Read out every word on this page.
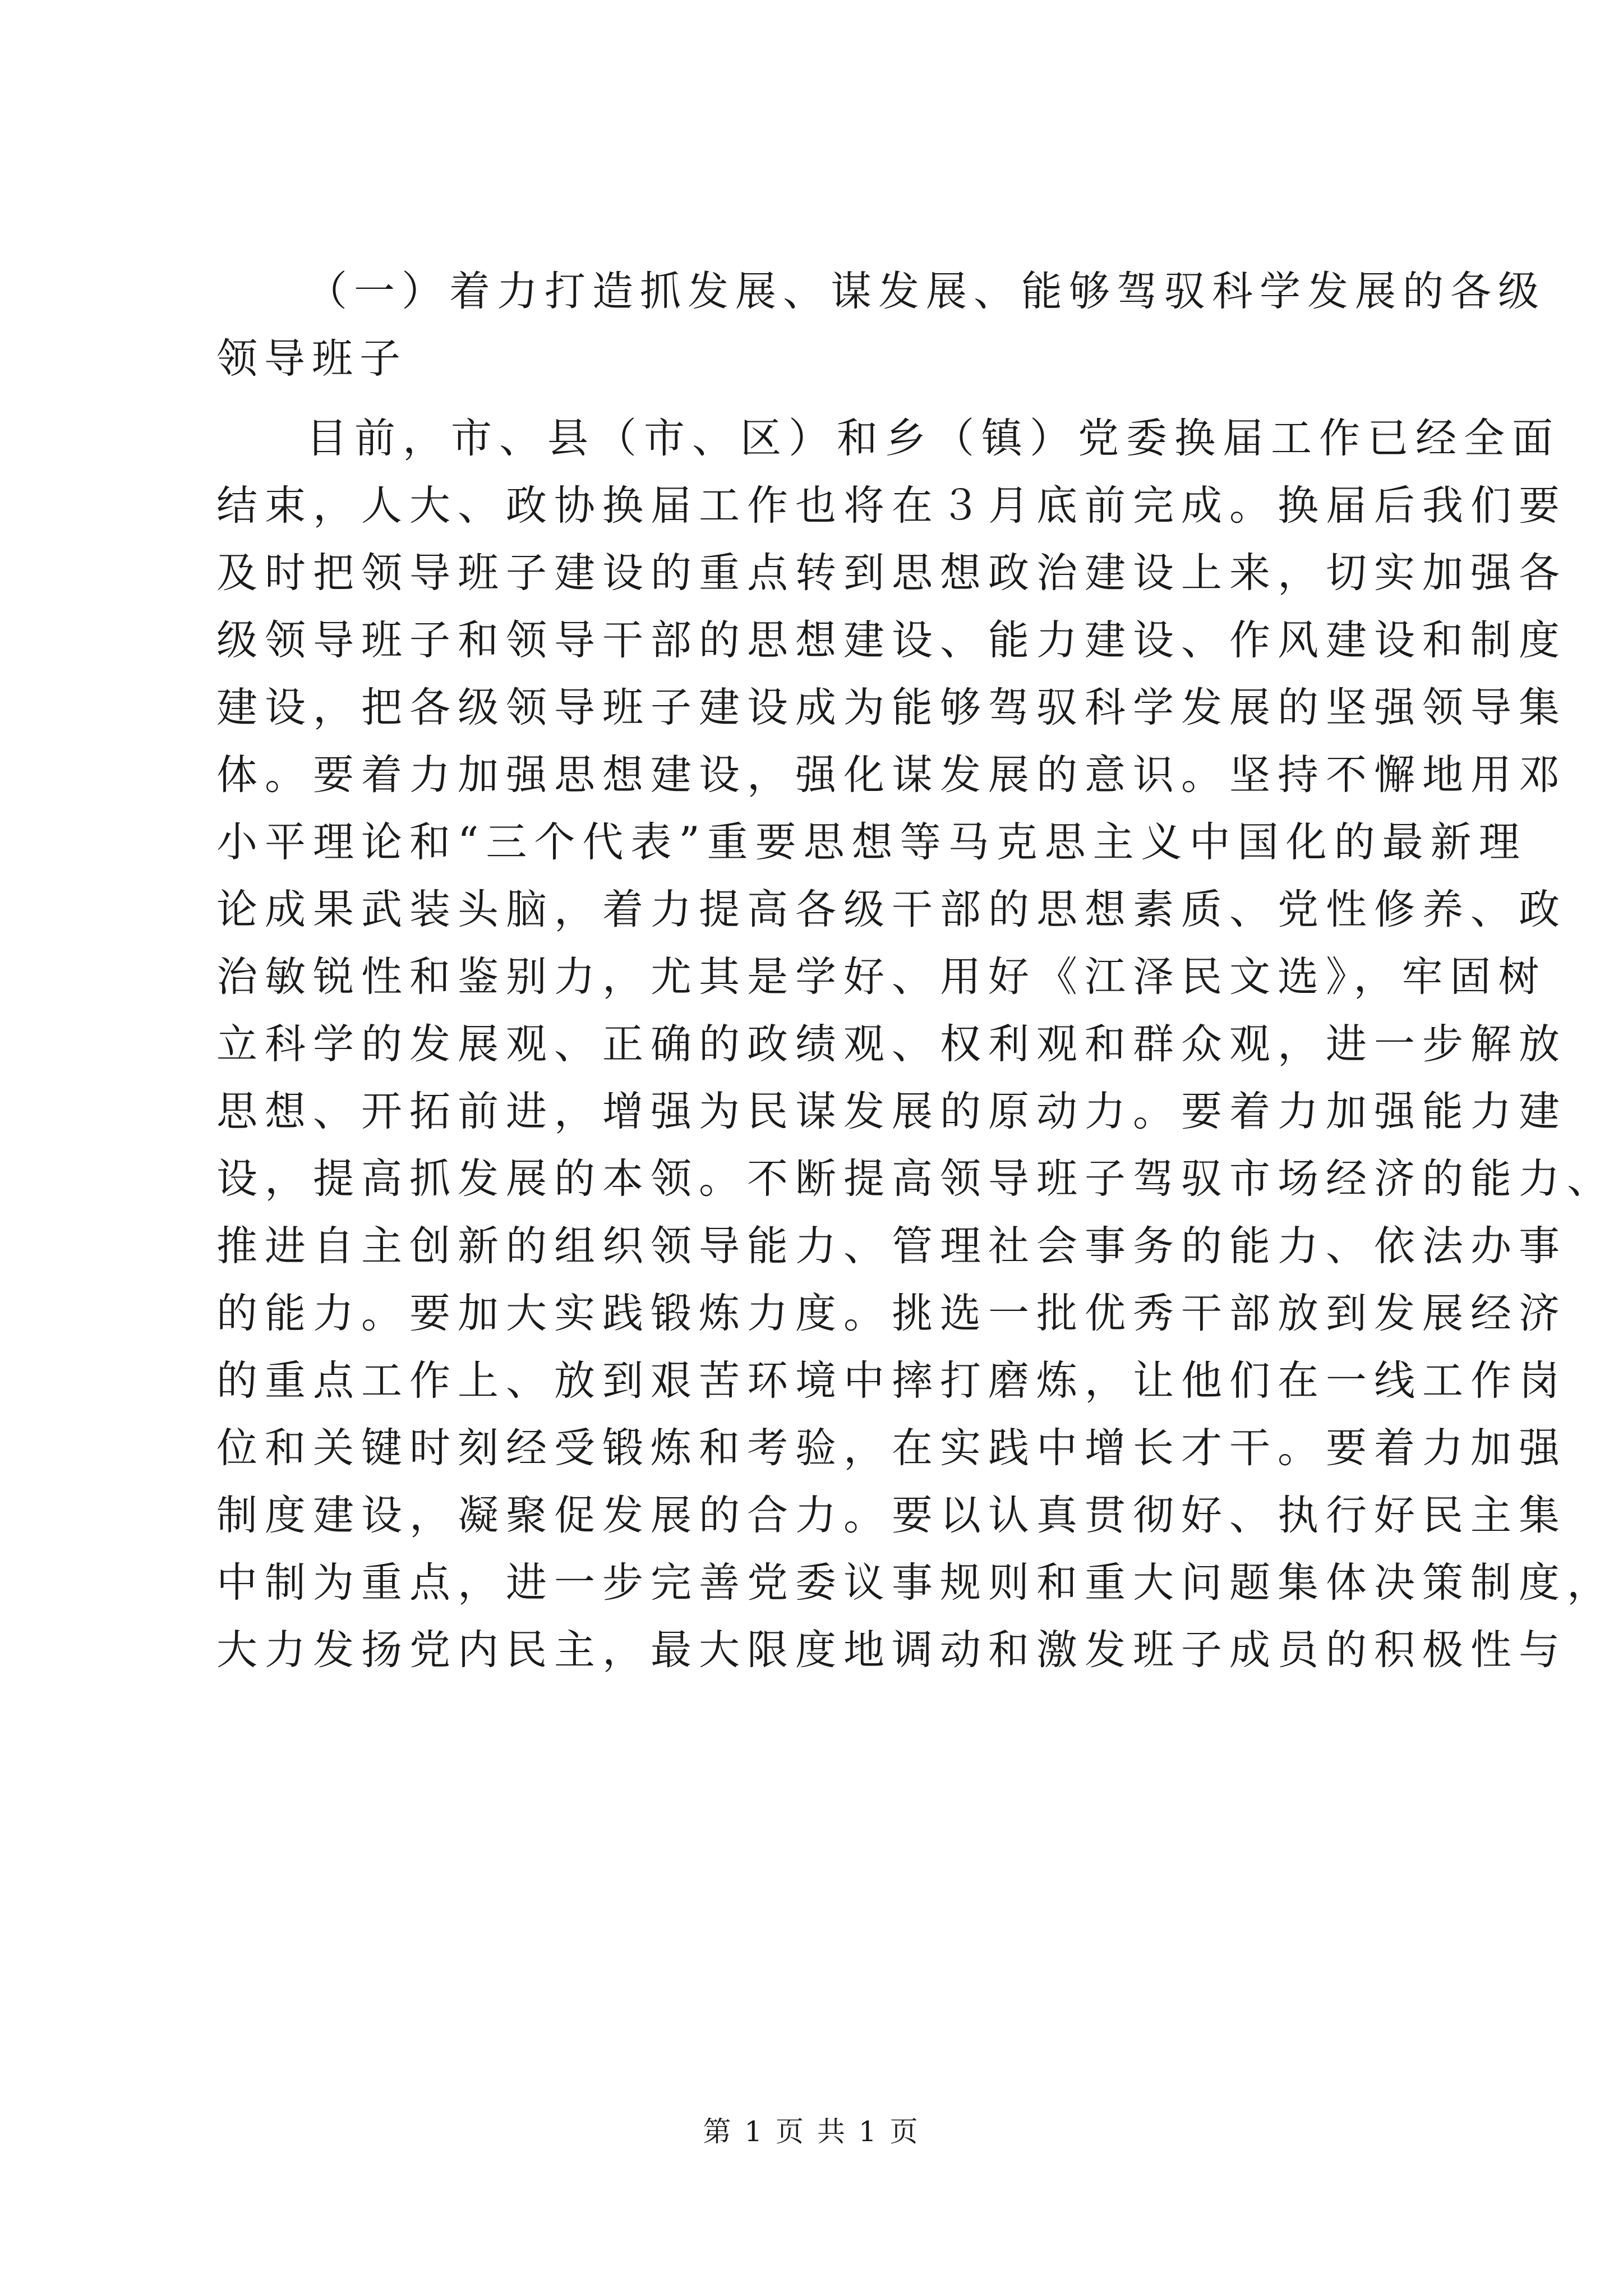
（一）着力打造抓发展、谋发展、能够驾驭科学发展的各级
领导班子
目前，市、县（市、区）和乡（镇）党委换届工作已经全面
结束，人大、政协换届工作也将在３月底前完成。换届后我们要
及时把领导班子建设的重点转到思想政治建设上来，切实加强各
级领导班子和领导干部的思想建设、能力建设、作风建设和制度
建设，把各级领导班子建设成为能够驾驭科学发展的坚强领导集
体。要着力加强思想建设，强化谋发展的意识。坚持不懈地用邓
小平理论和“三个代表”重要思想等马克思主义中国化的最新理
论成果武装头脑，着力提高各级干部的思想素质、党性修养、政
治敏锐性和鉴别力，尤其是学好、用好《江泽民文选》，牢固树
立科学的发展观、正确的政绩观、权利观和群众观，进一步解放
思想、开拓前进，增强为民谋发展的原动力。要着力加强能力建
设，提高抓发展的本领。不断提高领导班子驾驭市场经济的能力、
推进自主创新的组织领导能力、管理社会事务的能力、依法办事
的能力。要加大实践锻炼力度。挑选一批优秀干部放到发展经济
的重点工作上、放到艰苦环境中摔打磨炼，让他们在一线工作岗
位和关键时刻经受锻炼和考验，在实践中增长才干。要着力加强
制度建设，凝聚促发展的合力。要以认真贯彻好、执行好民主集
中制为重点，进一步完善党委议事规则和重大问题集体决策制度，
大力发扬党内民主，最大限度地调动和激发班子成员的积极性与
第 1 页 共 1 页
